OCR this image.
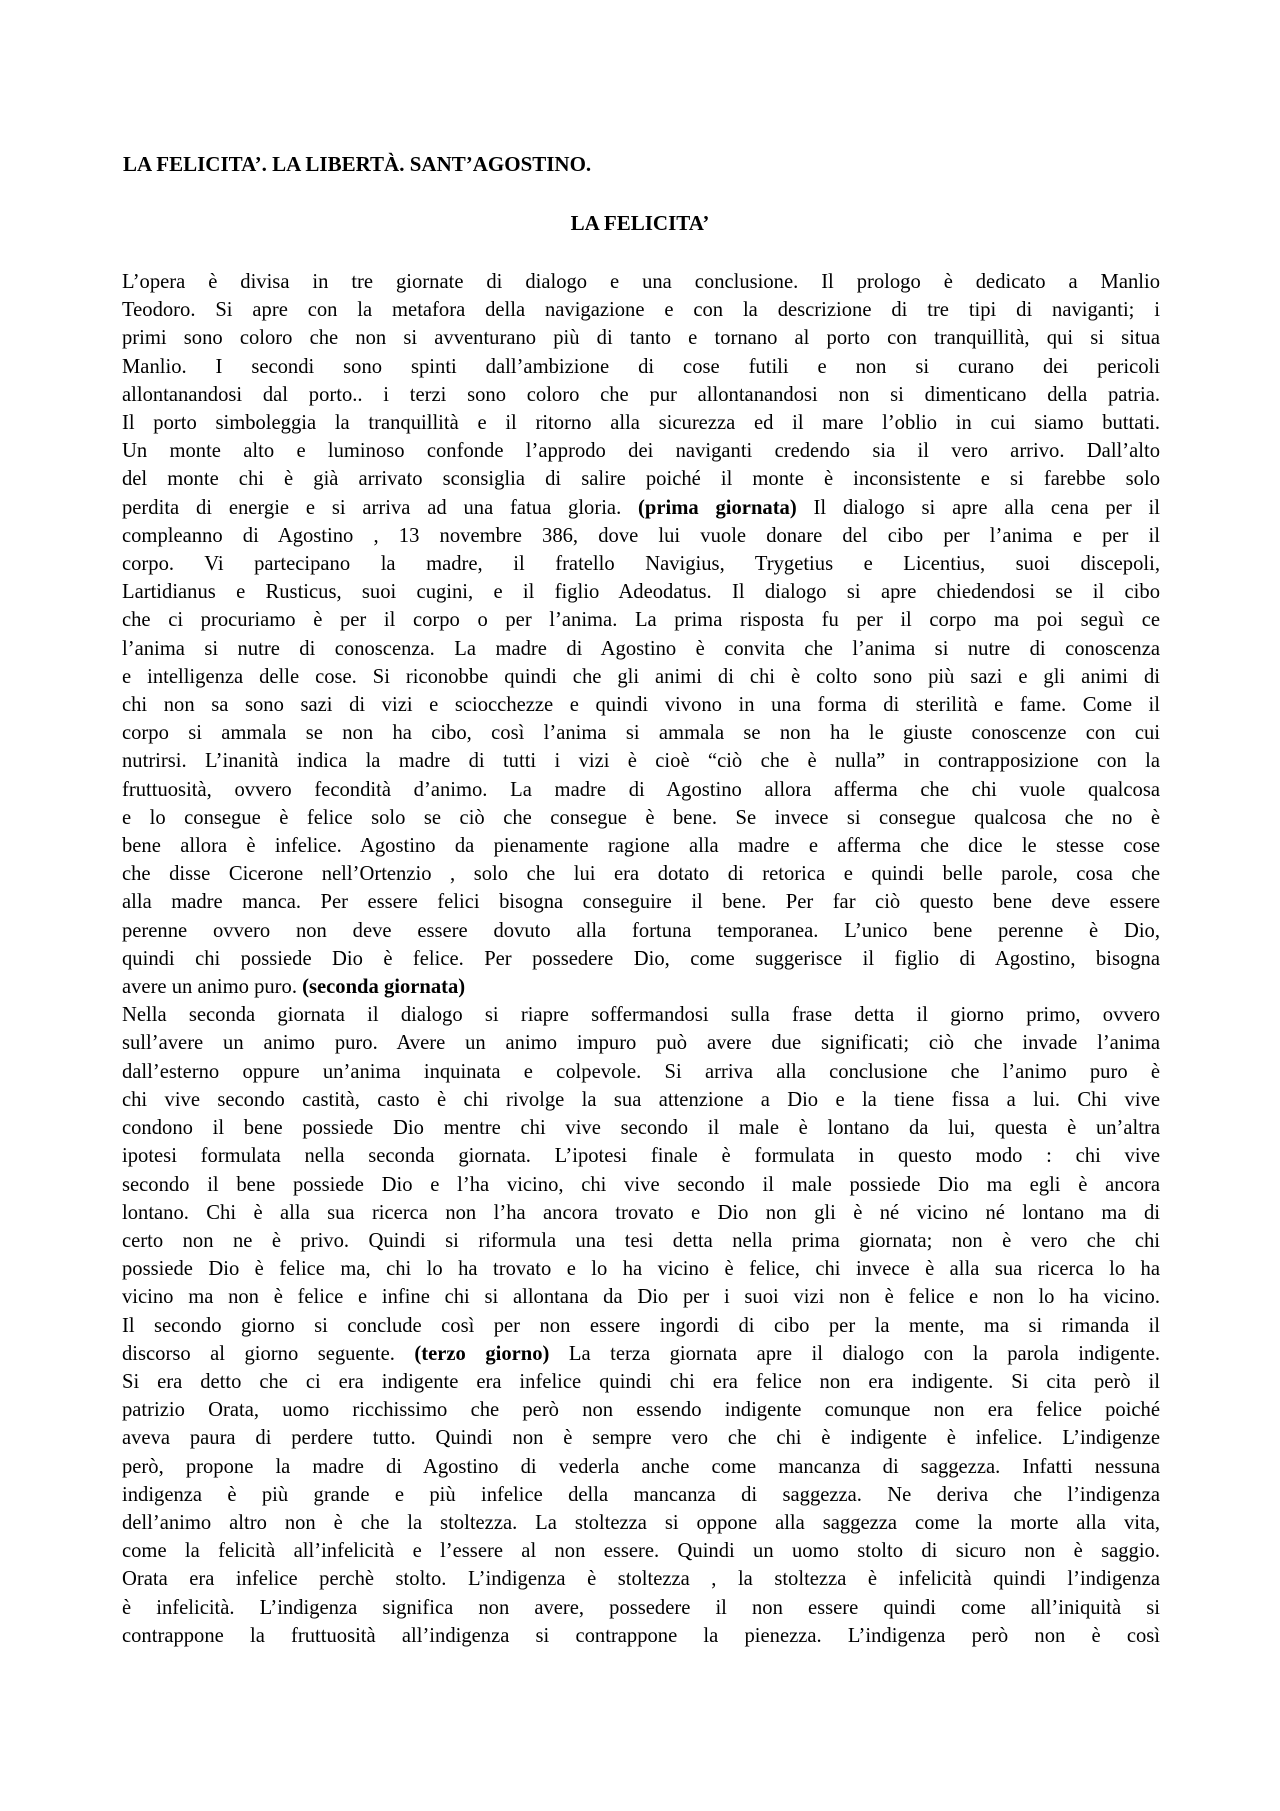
LA FELICITA’. LA LIBERTÀ. SANT’AGOSTINO.
LA FELICITA’
L’opera è divisa in tre giornate di dialogo e una conclusione. Il prologo è dedicato a Manlio
Teodoro. Si apre con la metafora della navigazione e con la descrizione di tre tipi di naviganti; i
primi sono coloro che non si avventurano più di tanto e tornano al porto con tranquillità, qui si situa
Manlio. I secondi sono spinti dall’ambizione di cose futili e non si curano dei pericoli
allontanandosi dal porto.. i terzi sono coloro che pur allontanandosi non si dimenticano della patria.
Il porto simboleggia la tranquillità e il ritorno alla sicurezza ed il mare l’oblio in cui siamo buttati.
Un monte alto e luminoso confonde l’approdo dei naviganti credendo sia il vero arrivo. Dall’alto
del monte chi è già arrivato sconsiglia di salire poiché il monte è inconsistente e si farebbe solo
perdita di energie e si arriva ad una fatua gloria. (prima giornata) Il dialogo si apre alla cena per il
compleanno di Agostino , 13 novembre 386, dove lui vuole donare del cibo per l’anima e per il
corpo. Vi partecipano la madre, il fratello Navigius, Trygetius e Licentius, suoi discepoli,
Lartidianus e Rusticus, suoi cugini, e il figlio Adeodatus. Il dialogo si apre chiedendosi se il cibo
che ci procuriamo è per il corpo o per l’anima. La prima risposta fu per il corpo ma poi seguì ce
l’anima si nutre di conoscenza. La madre di Agostino è convita che l’anima si nutre di conoscenza
e intelligenza delle cose. Si riconobbe quindi che gli animi di chi è colto sono più sazi e gli animi di
chi non sa sono sazi di vizi e sciocchezze e quindi vivono in una forma di sterilità e fame. Come il
corpo si ammala se non ha cibo, così l’anima si ammala se non ha le giuste conoscenze con cui
nutrirsi. L’inanità indica la madre di tutti i vizi è cioè “ciò che è nulla” in contrapposizione con la
fruttuosità, ovvero fecondità d’animo. La madre di Agostino allora afferma che chi vuole qualcosa
e lo consegue è felice solo se ciò che consegue è bene. Se invece si consegue qualcosa che no è
bene allora è infelice. Agostino da pienamente ragione alla madre e afferma che dice le stesse cose
che disse Cicerone nell’Ortenzio , solo che lui era dotato di retorica e quindi belle parole, cosa che
alla madre manca. Per essere felici bisogna conseguire il bene. Per far ciò questo bene deve essere
perenne ovvero non deve essere dovuto alla fortuna temporanea. L’unico bene perenne è Dio,
quindi chi possiede Dio è felice. Per possedere Dio, come suggerisce il figlio di Agostino, bisogna
avere un animo puro. (seconda giornata)
Nella seconda giornata il dialogo si riapre soffermandosi sulla frase detta il giorno primo, ovvero
sull’avere un animo puro. Avere un animo impuro può avere due significati; ciò che invade l’anima
dall’esterno oppure un’anima inquinata e colpevole. Si arriva alla conclusione che l’animo puro è
chi vive secondo castità, casto è chi rivolge la sua attenzione a Dio e la tiene fissa a lui. Chi vive
condono il bene possiede Dio mentre chi vive secondo il male è lontano da lui, questa è un’altra
ipotesi formulata nella seconda giornata. L’ipotesi finale è formulata in questo modo : chi vive
secondo il bene possiede Dio e l’ha vicino, chi vive secondo il male possiede Dio ma egli è ancora
lontano. Chi è alla sua ricerca non l’ha ancora trovato e Dio non gli è né vicino né lontano ma di
certo non ne è privo. Quindi si riformula una tesi detta nella prima giornata; non è vero che chi
possiede Dio è felice ma, chi lo ha trovato e lo ha vicino è felice, chi invece è alla sua ricerca lo ha
vicino ma non è felice e infine chi si allontana da Dio per i suoi vizi non è felice e non lo ha vicino.
Il secondo giorno si conclude così per non essere ingordi di cibo per la mente, ma si rimanda il
discorso al giorno seguente. (terzo giorno) La terza giornata apre il dialogo con la parola indigente.
Si era detto che ci era indigente era infelice quindi chi era felice non era indigente. Si cita però il
patrizio Orata, uomo ricchissimo che però non essendo indigente comunque non era felice poiché
aveva paura di perdere tutto. Quindi non è sempre vero che chi è indigente è infelice. L’indigenze
però, propone la madre di Agostino di vederla anche come mancanza di saggezza. Infatti nessuna
indigenza è più grande e più infelice della mancanza di saggezza. Ne deriva che l’indigenza
dell’animo altro non è che la stoltezza. La stoltezza si oppone alla saggezza come la morte alla vita,
come la felicità all’infelicità e l’essere al non essere. Quindi un uomo stolto di sicuro non è saggio.
Orata era infelice perchè stolto. L’indigenza è stoltezza , la stoltezza è infelicità quindi l’indigenza
è infelicità. L’indigenza significa non avere, possedere il non essere quindi come all’iniquità si
contrappone la fruttuosità all’indigenza si contrappone la pienezza. L’indigenza però non è così
